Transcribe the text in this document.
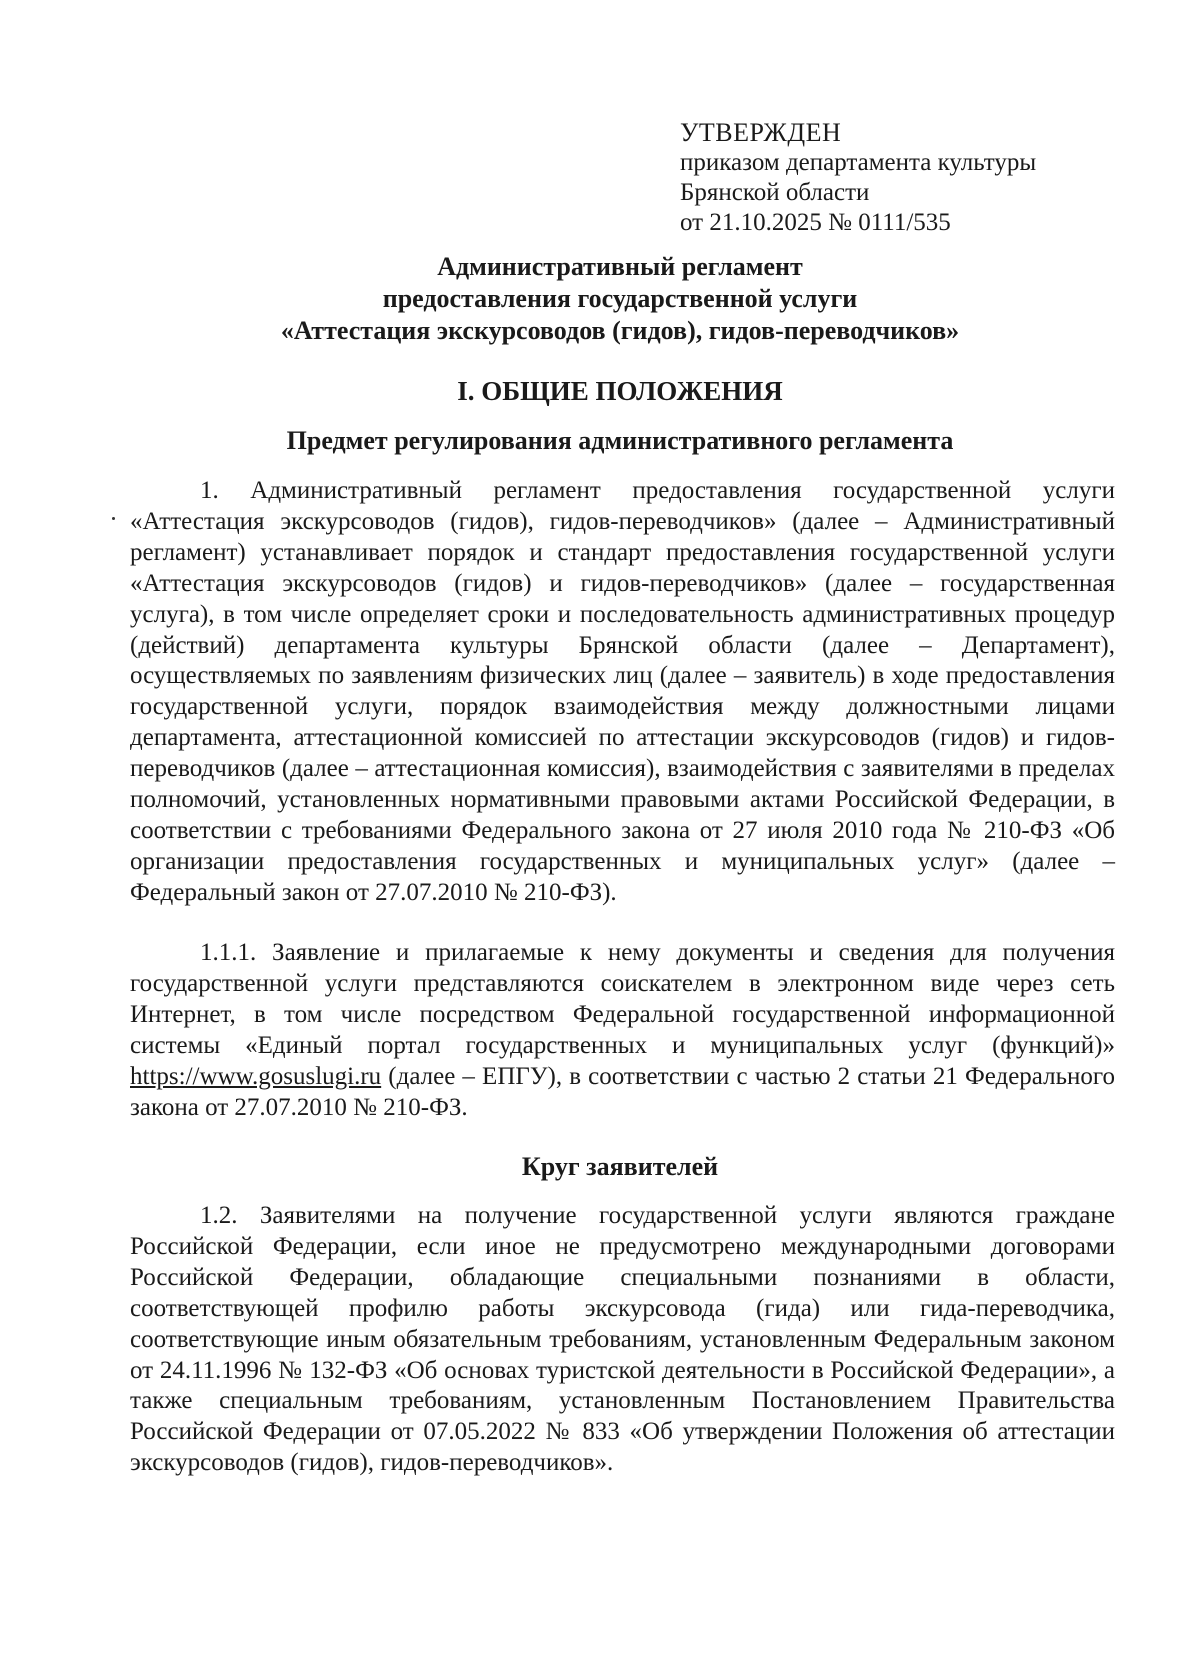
УТВЕРЖДЕН
приказом департамента культуры
Брянской области
от 21.10.2025 № 0111/535
Административный регламент
предоставления государственной услуги
«Аттестация экскурсоводов (гидов), гидов-переводчиков»
I. ОБЩИЕ ПОЛОЖЕНИЯ
Предмет регулирования административного регламента

1. Административный регламент предоставления государственной услуги «Аттестация экскурсоводов (гидов), гидов-переводчиков» (далее – Административный регламент) устанавливает порядок и стандарт предоставления государственной услуги «Аттестация экскурсоводов (гидов) и гидов-переводчиков» (далее – государственная услуга), в том числе определяет сроки и последовательность административных процедур (действий) департамента культуры Брянской области (далее – Департамент), осуществляемых по заявлениям физических лиц (далее – заявитель) в ходе предоставления государственной услуги, порядок взаимодействия между должностными лицами департамента, аттестационной комиссией по аттестации экскурсоводов (гидов) и гидов-переводчиков (далее – аттестационная комиссия), взаимодействия с заявителями в пределах полномочий, установленных нормативными правовыми актами Российской Федерации, в соответствии с требованиями Федерального закона от 27 июля 2010 года № 210-ФЗ «Об организации предоставления государственных и муниципальных услуг» (далее – Федеральный закон от 27.07.2010 № 210-ФЗ).

1.1.1. Заявление и прилагаемые к нему документы и сведения для получения государственной услуги представляются соискателем в электронном виде через сеть Интернет, в том числе посредством Федеральной государственной информационной системы «Единый портал государственных и муниципальных услуг (функций)» https://www.gosuslugi.ru (далее – ЕПГУ), в соответствии с частью 2 статьи 21 Федерального закона от 27.07.2010 № 210-ФЗ.

Круг заявителей

1.2. Заявителями на получение государственной услуги являются граждане Российской Федерации, если иное не предусмотрено международными договорами Российской Федерации, обладающие специальными познаниями в области, соответствующей профилю работы экскурсовода (гида) или гида-переводчика, соответствующие иным обязательным требованиям, установленным Федеральным законом от 24.11.1996 № 132-ФЗ «Об основах туристской деятельности в Российской Федерации», а также специальным требованиям, установленным Постановлением Правительства Российской Федерации от 07.05.2022 № 833 «Об утверждении Положения об аттестации экскурсоводов (гидов), гидов-переводчиков».
